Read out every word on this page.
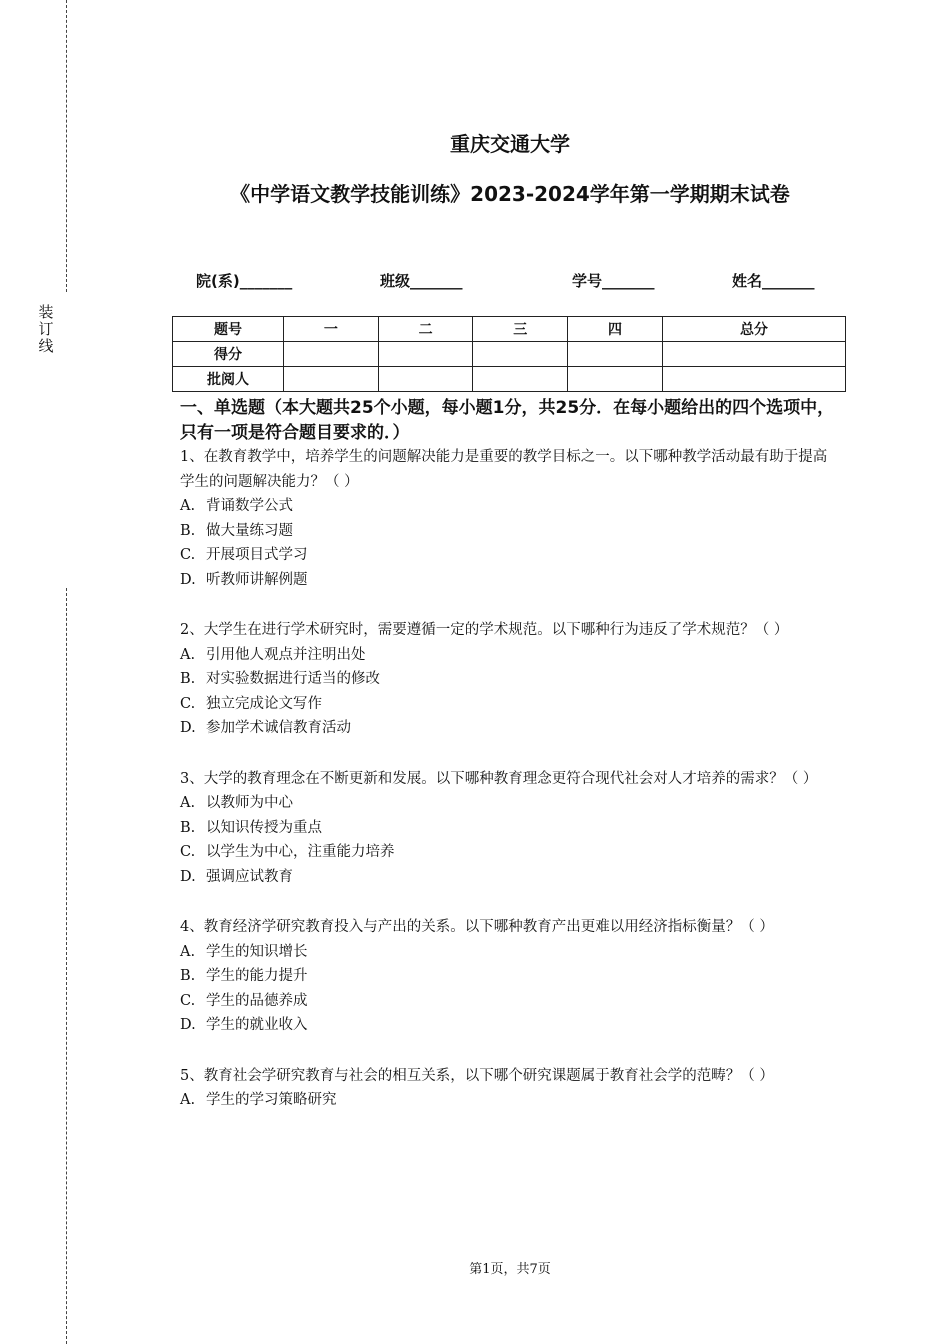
装订线
重庆交通大学
《中学语文教学技能训练》2023-2024学年第一学期期末试卷
院(系)_______	班级_______	学号_______	姓名_______
题号	一	二	三	四	总分
得分					
批阅人					
一、单选题（本大题共25个小题，每小题1分，共25分．在每小题给出的四个选项中，只有一项是符合题目要求的．）

1、在教育教学中，培养学生的问题解决能力是重要的教学目标之一。以下哪种教学活动最有助于提高学生的问题解决能力？（ ）

A. 背诵数学公式
B. 做大量练习题
C. 开展项目式学习
D. 听教师讲解例题

2、大学生在进行学术研究时，需要遵循一定的学术规范。以下哪种行为违反了学术规范？（ ）

A. 引用他人观点并注明出处
B. 对实验数据进行适当的修改
C. 独立完成论文写作
D. 参加学术诚信教育活动

3、大学的教育理念在不断更新和发展。以下哪种教育理念更符合现代社会对人才培养的需求？（ ）

A. 以教师为中心
B. 以知识传授为重点
C. 以学生为中心，注重能力培养
D. 强调应试教育

4、教育经济学研究教育投入与产出的关系。以下哪种教育产出更难以用经济指标衡量？（ ）

A. 学生的知识增长
B. 学生的能力提升
C. 学生的品德养成
D. 学生的就业收入

5、教育社会学研究教育与社会的相互关系，以下哪个研究课题属于教育社会学的范畴？（ ）

A. 学生的学习策略研究
第1页，共7页
